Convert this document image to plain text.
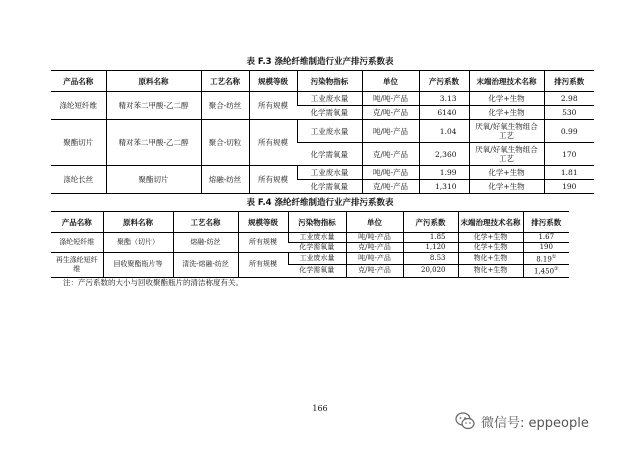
表 F.3 涤纶纤维制造行业产排污系数表
产品名称	原料名称	工艺名称	规模等级	污染物指标	单位	产污系数	末端治理技术名称	排污系数
涤纶短纤维	精对苯二甲酸-乙二醇	聚合-纺丝	所有规模	工业废水量	吨/吨-产品	3.13	化学+生物	2.98
				化学需氧量	克/吨-产品	6140	化学+生物	530
聚酯切片	精对苯二甲酸-乙二醇	聚合-切粒	所有规模	工业废水量	吨/吨-产品	1.04	厌氧/好氧生物组合工艺	0.99
				化学需氧量	克/吨-产品	2,360	厌氧/好氧生物组合工艺	170
涤纶长丝	聚酯切片	熔融-纺丝	所有规模	工业废水量	吨/吨-产品	1.99	化学+生物	1.81
				化学需氧量	克/吨-产品	1,310	化学+生物	190
表 F.4 涤纶纤维制造行业产排污系数表
产品名称	原料名称	工艺名称	规模等级	污染物指标	单位	产污系数	末端治理技术名称	排污系数
涤纶短纤维	聚酯（切片）	熔融-纺丝	所有规模	工业废水量	吨/吨-产品	1.85	化学+生物	1.67
				化学需氧量	克/吨-产品	1,120	化学+生物	190
再生涤纶短纤维	回收聚酯瓶片等	清洗-熔融-纺丝	所有规模	工业废水量	吨/吨-产品	8.53	物化+生物	8.19①
				化学需氧量	克/吨-产品	20,020	物化+生物	1,450①
注：产污系数的大小与回收聚酯瓶片的清洁称度有关。
166
微信号: eppeople
